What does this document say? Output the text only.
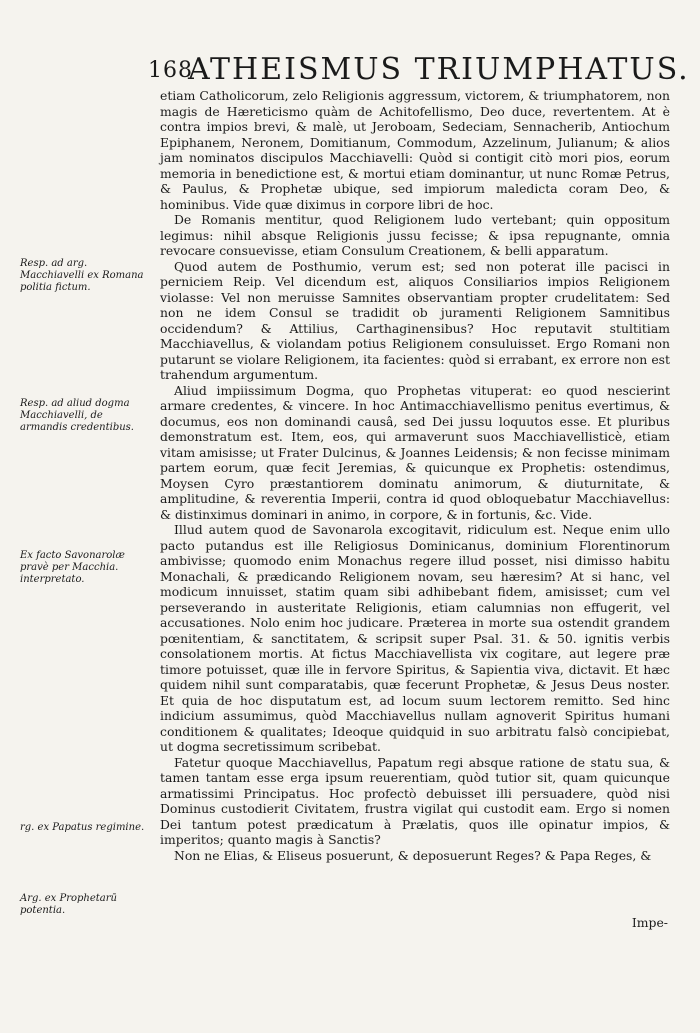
168
ATHEISMUS TRIUMPHATUS.
Resp. ad arg. Macchiavelli ex Romana politia fictum.
Resp. ad aliud dogma Macchiavelli, de armandis credentibus.
Ex facto Savonarolæ pravè per Macchia. interpretato.
rg. ex Papatus regimine.
Arg. ex Prophetarū potentia.

etiam Catholicorum, zelo Religionis aggressum, victorem, & triumphatorem, non magis de Hæreticismo quàm de Achitofellismo, Deo duce, revertentem. At è contra impios brevi, & malè, ut Jeroboam, Sedeciam, Sennacherib, Antiochum Epiphanem, Neronem, Domitianum, Commodum, Azzelinum, Julianum; & alios jam nominatos discipulos Macchiavelli: Quòd si contigit citò mori pios, eorum memoria in benedictione est, & mortui etiam dominantur, ut nunc Romæ Petrus, & Paulus, & Prophetæ ubique, sed impiorum maledicta coram Deo, & hominibus. Vide quæ diximus in corpore libri de hoc.

De Romanis mentitur, quod Religionem ludo vertebant; quin oppositum legimus: nihil absque Religionis jussu fecisse; & ipsa repugnante, omnia revocare consuevisse, etiam Consulum Creationem, & belli apparatum.

Quod autem de Posthumio, verum est; sed non poterat ille pacisci in perniciem Reip. Vel dicendum est, aliquos Consiliarios impios Religionem violasse: Vel non meruisse Samnites observantiam propter crudelitatem: Sed non ne idem Consul se tradidit ob juramenti Religionem Samnitibus occidendum? & Attilius, Carthaginensibus? Hoc reputavit stultitiam Macchiavellus, & violandam potius Religionem consuluisset. Ergo Romani non putarunt se violare Religionem, ita facientes: quòd si errabant, ex errore non est trahendum argumentum.

Aliud impiissimum Dogma, quo Prophetas vituperat: eo quod nescierint armare credentes, & vincere. In hoc Antimacchiavellismo penitus evertimus, & documus, eos non dominandi causâ, sed Dei jussu loquutos esse. Et pluribus demonstratum est. Item, eos, qui armaverunt suos Macchiavellisticè, etiam vitam amisisse; ut Frater Dulcinus, & Joannes Leidensis; & non fecisse minimam partem eorum, quæ fecit Jeremias, & quicunque ex Prophetis: ostendimus, Moysen Cyro præstantiorem dominatu animorum, & diuturnitate, & amplitudine, & reverentia Imperii, contra id quod obloquebatur Macchiavellus: & distinximus dominari in animo, in corpore, & in fortunis, &c. Vide.

Illud autem quod de Savonarola excogitavit, ridiculum est. Neque enim ullo pacto putandus est ille Religiosus Dominicanus, dominium Florentinorum ambivisse; quomodo enim Monachus regere illud posset, nisi dimisso habitu Monachali, & prædicando Religionem novam, seu hæresim? At si hanc, vel modicum innuisset, statim quam sibi adhibebant fidem, amisisset; cum vel perseverando in austeritate Religionis, etiam calumnias non effugerit, vel accusationes. Nolo enim hoc judicare. Præterea in morte sua ostendit grandem pœnitentiam, & sanctitatem, & scripsit super Psal. 31. & 50. ignitis verbis consolationem mortis. At fictus Macchiavellista vix cogitare, aut legere præ timore potuisset, quæ ille in fervore Spiritus, & Sapientia viva, dictavit. Et hæc quidem nihil sunt comparatabis, quæ fecerunt Prophetæ, & Jesus Deus noster. Et quia de hoc disputatum est, ad locum suum lectorem remitto. Sed hinc indicium assumimus, quòd Macchiavellus nullam agnoverit Spiritus humani conditionem & qualitates; Ideoque quidquid in suo arbitratu falsò concipiebat, ut dogma secretissimum scribebat.

Fatetur quoque Macchiavellus, Papatum regi absque ratione de statu sua, & tamen tantam esse erga ipsum reuerentiam, quòd tutior sit, quam quicunque armatissimi Principatus. Hoc profectò debuisset illi persuadere, quòd nisi Dominus custodierit Civitatem, frustra vigilat qui custodit eam. Ergo si nomen Dei tantum potest prædicatum à Prælatis, quos ille opinatur impios, & imperitos; quanto magis à Sanctis?

Non ne Elias, & Eliseus posuerunt, & deposuerunt Reges? & Papa Reges, &

Impe-
